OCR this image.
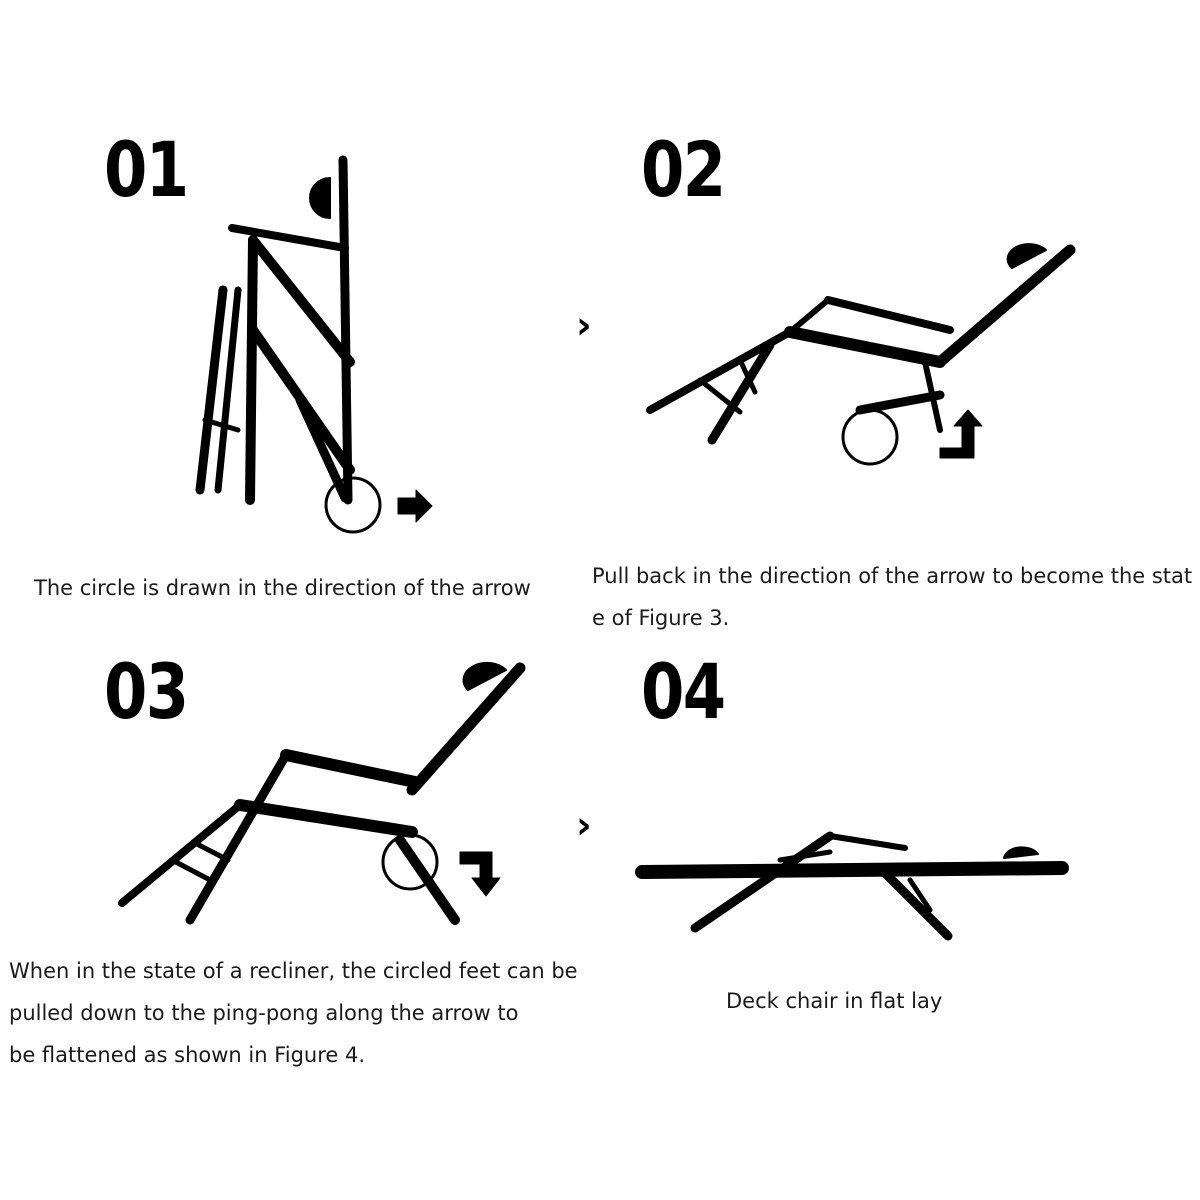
01	02
03	04
›
›
The circle is drawn in the direction of the arrow	Pull back in the direction of the arrow to become the stat
e of Figure 3.
When in the state of a recliner, the circled feet can be
pulled down to the ping-pong along the arrow to
be flattened as shown in Figure 4.
Deck chair in flat lay
